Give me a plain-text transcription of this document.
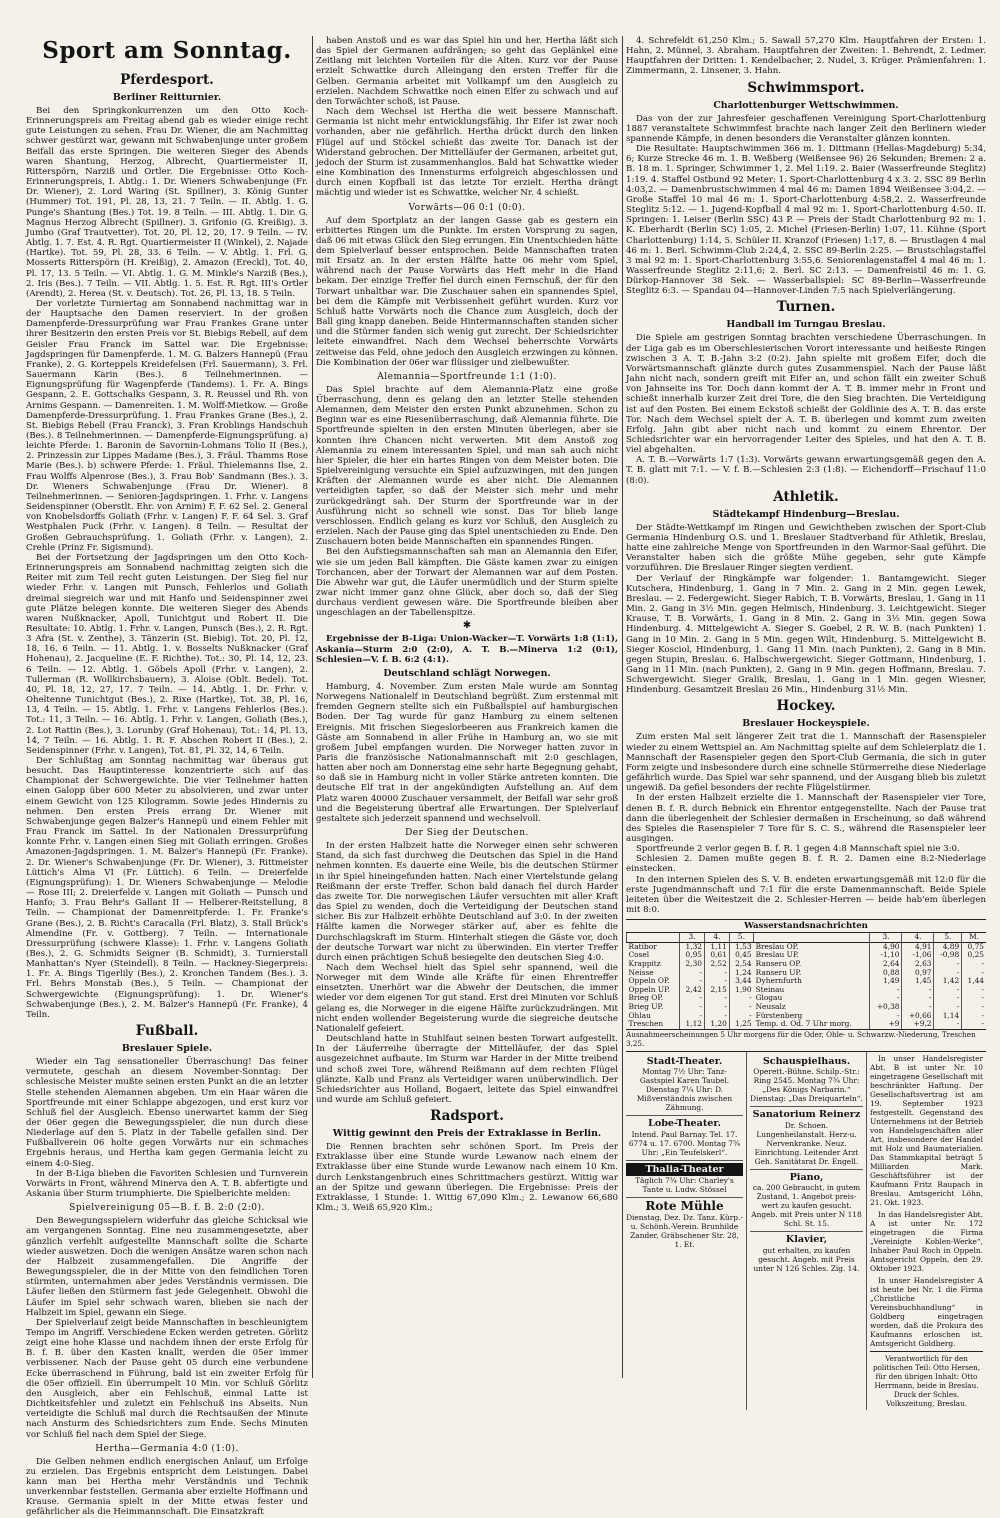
Sport am Sonntag.
Pferdesport.
Berliner Reitturnier.

Bei den Springkonkurrenzen um den Otto Koch-Erinnerungspreis am Freitag abend gab es wieder einige recht gute Leistungen zu sehen. Frau Dr. Wiener, die am Nachmittag schwer gestürzt war, gewann mit Schwabenjunge unter großem Beifall das erste Springen. Die weiteren Sieger des Abends waren Shantung, Herzog, Albrecht, Quartiermeister II, Ritterspörn, Narziß und Ortler. Die Ergebnisse: Otto Koch-Erinnerungspreis, I. Abtlg.: 1. Dr. Wieners Schwabenjunge (Fr. Dr. Wiener), 2. Lord Waring (St. Spillner), 3. König Gunter (Hummer) Tot. 191, Pl. 28, 13, 21. 7 Teiln. — II. Abtlg. 1. G. Punge's Shantung (Bes.) Tot. 19. 8 Teiln. — III. Abtlg. 1. Dir. G. Magnus Herzog Albrecht (Spillner). 3. Grifonio (G. Kreißig). 3. Jumbo (Graf Trautvetter). Tot. 20, Pl. 12, 20, 17. 9 Teiln. — IV. Abtlg. 1. 7. Est. 4. R. Rgt. Quartiermeister II (Winkel), 2. Najade (Hartke). Tot. 59, Pl. 28, 33. 6 Teiln. — V. Abtlg. 1. Frl. G. Mosserts Ritterspörn (H. Kreißig), 2. Amazon (Ereckl), Tot. 40, Pl. 17, 13. 5 Teiln. — VI. Abtlg. 1. G. M. Minkle's Narziß (Bes.), 2. Iris (Bes.). 7 Teiln. — VII. Abtlg. 1. 5. Est. R. Rgt. III's Ortler (Arendt), 2. Herea (St. v. Deutsch). Tot. 26, Pl. 13, 18. 5 Teiln.

Der vorletzte Turniertag am Sonnabend nachmittag war in der Hauptsache den Damen reserviert. In der großen Damenpferde-Dressurprüfung war Frau Frankes Grane unter ihrer Besitzerin den ersten Preis vor St. Biebigs Rebell, auf dem Geisler Frau Franck im Sattel war. Die Ergebnisse: Jagdspringen für Damenpferde. 1. M. G. Balzers Hannepü (Frau Franke), 2. G. Korteppels Kreidefelsen (Frl. Sauermann), 3. Frl. Sauermann Karin (Bes.). 8 Teilnehmerinnen. — Eignungsprüfung für Wagenpferde (Tandems). 1. Fr. A. Bings Gespann, 2. E. Gottschalks Gespann, 3. R. Reussel und Rh. von Arnims Gespann. — Damenreiten. 1. M. Wolff-Mietkow. — Große Damenpferde-Dressurprüfung. 1. Frau Frankes Grane (Bes.), 2. St. Biebigs Rebell (Frau Franck), 3. Fran Kroblings Handschuh (Bes.). 8 Teilnehmerinnen. — Damenpferde-Eignungsprüfung. a) leichte Pferde: 1. Baronin de Savornin-Lohmans Tolio II (Bes.), 2. Prinzessin zur Lippes Madame (Bes.), 3. Fräul. Thamms Rose Marie (Bes.). b) schwere Pferde: 1. Fräul. Thielemanns Ilse, 2. Frau Wolffs Alpenrose (Bes.), 3. Frau Bob' Sandmann (Bes.). 3. Dr. Wieners Schwabenjunge (Frau Dr. Wiener). 8 Teilnehmerinnen. — Senioren-Jagdspringen. 1. Frhr. v. Langens Seidenspinner (Oberstlt. Ehr. von Arnim) F. F. 62 Sel. 2. General von Knobelsdorffs Goliath (Frhr. v. Langen) F. F. 64 Sel. 3. Graf Westphalen Puck (Frhr. v. Langen). 8 Teiln. — Resultat der Großen Gebrauchsprüfung. 1. Goliath (Frhr. v. Langen), 2. Crehle (Prinz Fr. Sigismund).

Bei der Fortsetzung der Jagdspringen um den Otto Koch-Erinnerungspreis am Sonnabend nachmittag zeigten sich die Reiter mit zum Teil recht guten Leistungen. Der Sieg fiel nur wieder Frhr. v. Langen mit Punsch, Fehlerlos und Goliath dreimal siegreich war und mit Hanfo und Seidenspinner zwei gute Plätze belegen konnte. Die weiteren Sieger des Abends waren Nußknacker, Apoll, Tunichtgut und Robert II. Die Resultate: 10. Abtlg. 1. Frhr. v. Langen, Punsch (Bes.), 2. R. Rgt. 3 Afra (St. v. Zenthe), 3. Tänzerin (St. Biebig). Tot. 20, Pl. 12, 18, 16. 6 Teiln. — 11. Abtlg. 1. v. Bosselts Nußknacker (Graf Hohenau), 2. Jacqueline (E. F. Richthe). Tot.: 30, Pl. 14, 12, 23. 6 Teiln. — 12. Abtlg. 1. Göbels Apoll (Frhr. v. Langen), 2. Tullerman (R. Wollkirchsbauern), 3. Aloise (Oblt. Bedel). Tot. 40, Pl. 18, 12, 27, 17. 7 Teiln. — 14. Abtlg. 1. Dr. Frhr. v. Oheltenne Tunichtgut (Bes.), 2. Rixe (Hartke), Tot. 38, Pl. 16, 13, 4 Teiln. — 15. Abtlg. 1. Frhr. v. Langens Fehlerlos (Bes.). Tot.: 11, 3 Teiln. — 16. Abtlg. 1. Frhr. v. Langen, Goliath (Bes.), 2. Lot Rattin (Bes.), 3. Lorunby (Graf Hohenau), Tot.: 14, Pl. 13, 14, 7 Teiln. — 16. Abtlg. 1. R. F. Abschen Robert II (Bes.), 2. Seidenspinner (Frhr. v. Langen), Tot. 81, Pl. 32, 14, 6 Teiln.

Der Schlußtag am Sonntag nachmittag war überaus gut besucht. Das Hauptinteresse konzentrierte sich auf das Championat der Schwergewichte. Die vier Teilnehmer hatten einen Galopp über 600 Meter zu absolvieren, und zwar unter einem Gewicht von 125 Kilogramm. Sowie jedes Hindernis zu nehmen. Den ersten Preis errang Dr. Wiener mit Schwabenjunge gegen Balzer's Hannepü und einem Fehler mit Frau Franck im Sattel. In der Nationalen Dressurprüfung konnte Frhr. v. Langen einen Sieg mit Goliath erringen. Großes Amazonen-Jagdspringen. 1. M. Balzer's Hannepü (Fr. Franke). 2. Dr. Wiener's Schwabenjunge (Fr. Dr. Wiener), 3. Rittmeister Lüttich's Alma VI (Fr. Lüttich). 6 Teiln. — Dreierfelde (Eignungsprüfung): 1. Dr. Wieners Schwabenjunge — Melodie — Rose III; 2. Dreierfelde v. Langen mit Goliath — Punsch und Hanfo; 3. Frau Behr's Gallant II — Helberer-Reitstellung, 8 Teiln. — Championat der Damenreitpferde: 1. Fr. Franke's Grane (Bes.), 2. B. Richt's Caracalla (Frl. Blatz), 3. Stall Brück's Almendine (Fr. v. Gottberg). 7 Teiln. — Internationale Dressurprüfung (schwere Klasse): 1. Frhr. v. Langens Goliath (Bes.), 2. G. Schmidts Seigner (B. Schmidt), 3. Turnierstall Manhattan's Nyer (Steindell). 8 Teiln. — Hackney-Siegerpreis: 1. Fr. A. Bings Tigerlily (Bes.), 2. Kronchen Tandem (Bes.). 3. Frl. Behrs Monstab (Bes.), 5 Teiln. — Championat der Schwergewichte (Eignungsprüfung): 1. Dr. Wiener's Schwabenjunge (Bes.), 2. M. Balzer's Hannepü (Fr. Franke), 4 Teiln.

Fußball.
Breslauer Spiele.

Wieder ein Tag sensationeller Überraschung! Das feiner vermutete, geschah an diesem November-Sonntag: Der schlesische Meister mußte seinen ersten Punkt an die an letzter Stelle stehenden Alemannen abgeben. Um ein Haar wären die Sportfreunde mit einer Schlappe abgezogen, und erst kurz vor Schluß fiel der Ausgleich. Ebenso unerwartet kamm der Sieg der 06er gegen die Bewegungsspieler, die nun durch diese Niederlage auf den 5. Platz in der Tabelle gefallen sind. Der Fußballverein 06 holte gegen Vorwärts nur ein schmaches Ergebnis heraus, und Hertha kam gegen Germania leicht zu einem 4:0-Sieg.

In der B-Liga blieben die Favoriten Schlesien und Turnverein Vorwärts in Front, während Minerva den A. T. B. abfertigte und Askania über Sturm triumphierte. Die Spielberichte melden:

Spielvereinigung 05—B. f. B. 2:0 (2:0).

Den Bewegungsspielern widerfuhr das gleiche Schicksal wie am vergangenen Sonntag. Eine neu zusammengesetzte, aber gänzlich verfehlt aufgestellte Mannschaft sollte die Scharte wieder auswetzen. Doch die wenigen Ansätze waren schon nach der Halbzeit zusammengefallen. Die Angriffe der Bewegungsspieler, die in der Mitte von den feindlichen Toren stürmten, unternahmen aber jedes Verständnis vermissen. Die Läufer ließen den Stürmern fast jede Gelegenheit. Obwohl die Läufer im Spiel sehr schwach waren, blieben sie nach der Halbzeit im Spiel, gewann ein Siege.

Der Spielverlauf zeigt beide Mannschaften in beschleunigtem Tempo im Angriff. Verschiedene Ecken werden getreten. Görlitz zeigt eine hohe Klasse und nachdem ihnen der erste Erfolg für B. f. B. über den Kasten knallt, werden die 05er immer verbissener. Nach der Pause geht 05 durch eine verbundene Ecke überraschend in Führung, bald ist ein zweiter Erfolg für die 05er offiziell. Ein überrumpelt 10 Min. vor Schluß Görlitz den Ausgleich, aber ein Fehlschuß, einmal Latte ist Dichtkeitsfehler und zuletzt ein Fehlschuß ins Abseits. Nun verteidigte die Schluß mal durch die Rechtsaußen der Minute nach Ansturm des Schiedsrichters zum Ende. Sechs Minuten vor Schluß fiel nach dem Spiel der Siege.

Hertha—Germania 4:0 (1:0).

Die Gelben nehmen endlich energischen Anlauf, um Erfolge zu erzielen. Das Ergebnis entspricht dem Leistungen. Dabei kann man bei Hertha mehr Verständnis und Technik unverkennbar feststellen. Germania aber erzielte Hoffmann und Krause. Germania spielt in der Mitte etwas fester und gefährlicher als die Heimmannschaft. Die Einsatzkraft

haben Anstoß und es war das Spiel hin und her. Hertha läßt sich das Spiel der Germanen aufdrängen; so geht das Geplänkel eine Zeitlang mit leichten Vorteilen für die Alten. Kurz vor der Pause erzielt Schwattke durch Alleingang den ersten Treffer für die Gelben. Germania arbeitet mit Vollkampf um den Ausgleich zu erzielen. Nachdem Schwattke noch einen Elfer zu schwach und auf den Torwächter schoß, ist Pause.

Nach dem Wechsel ist Hertha die weit bessere Mannschaft. Germania ist nicht mehr entwicklungsfähig. Ihr Eifer ist zwar noch vorhanden, aber nie gefährlich. Hertha drückt durch den linken Flügel auf und Stöckel schießt das zweite Tor. Danach ist der Widerstand gebrochen. Der Mittelläufer der Germanen, arbeitet gut, jedoch der Sturm ist zusammenhanglos. Bald hat Schwattke wieder eine Kombination des Innensturms erfolgreich abgeschlossen und durch einen Kopfball ist das letzte Tor erzielt. Hertha drängt mächtig und wieder ist es Schwattke, welcher Nr. 4 schießt.

Vorwärts—06 0:1 (0:0).

Auf dem Sportplatz an der langen Gasse gab es gestern ein erbittertes Ringen um die Punkte. Im ersten Vorsprung zu sagen, daß 06 mit etwas Glück den Sieg errungen. Ein Unentschieden hätte dem Spielverlauf besser entsprochen. Beide Mannschaften traten mit Ersatz an. In der ersten Hälfte hatte 06 mehr vom Spiel, während nach der Pause Vorwärts das Heft mehr in die Hand bekam. Der einzige Treffer fiel durch einen Fernschuß, der für den Torwart unhaltbar war. Die Zuschauer sahen ein spannendes Spiel, bei dem die Kämpfe mit Verbissenheit geführt wurden. Kurz vor Schluß hatte Vorwärts noch die Chance zum Ausgleich, doch der Ball ging knapp daneben. Beide Hintermannschaften standen sicher und die Stürmer fanden sich wenig gut zurecht. Der Schiedsrichter leitete einwandfrei. Nach dem Wechsel beherrschte Vorwärts zeitweise das Feld, ohne jedoch den Ausgleich erzwingen zu können. Die Kombination der 06er war flüssiger und zielbewußter.

Alemannia—Sportfreunde 1:1 (1:0).

Das Spiel brachte auf dem Alemannia-Platz eine große Überraschung, denn es gelang den an letzter Stelle stehenden Alemannen, dem Meister den ersten Punkt abzunehmen. Schon zu Beginn war es eine Riesenüberraschung, daß Alemannia führte. Die Sportfreunde spielten in den ersten Minuten überlegen, aber sie konnten ihre Chancen nicht verwerten. Mit dem Anstoß zog Alemannia zu einem interessanten Spiel, und man sah auch nicht hier Spieler, die hier ein hartes Ringen von dem Meister boten. Die Spielvereinigung versuchte ein Spiel aufzuzwingen, mit den jungen Kräften der Alemannen wurde es aber nicht. Die Alemannen verteidigten tapfer, so daß der Meister sich mehr und mehr zurückgedrängt sah. Der Sturm der Sportfreunde war in der Ausführung nicht so schnell wie sonst. Das Tor blieb lange verschlossen. Endlich gelang es kurz vor Schluß, den Ausgleich zu erzielen. Nach der Pause ging das Spiel unentschieden zu Ende. Den Zuschauern boten beide Mannschaften ein spannendes Ringen.

Bei den Aufstiegsmannschaften sah man an Alemannia den Eifer, wie sie um jeden Ball kämpften. Die Gäste kamen zwar zu einigen Torchancen, aber der Torwart der Alemannen war auf dem Posten. Die Abwehr war gut, die Läufer unermüdlich und der Sturm spielte zwar nicht immer ganz ohne Glück, aber doch so, daß der Sieg durchaus verdient gewesen wäre. Die Sportfreunde bleiben aber ungeschlagen an der Tabellenspitze.

✱

Ergebnisse der B-Liga: Union-Wacker—T. Vorwärts 1:8 (1:1), Askania—Sturm 2:0 (2:0), A. T. B.—Minerva 1:2 (0:1), Schlesien—V. f. B. 6:2 (4:1).

Deutschland schlägt Norwegen.

Hamburg, 4. November. Zum ersten Male wurde am Sonntag Norwegens Nationalelf in Deutschland begrüßt. Zum erstenmal mit fremden Gegnern stellte sich ein Fußballspiel auf hamburgischen Boden. Der Tag wurde für ganz Hamburg zu einem seltenen Ereignis. Mit frischen Siegeslorbeeren aus Frankreich kamen die Gäste am Sonnabend in aller Frühe in Hamburg an, wo sie mit großem Jubel empfangen wurden. Die Norweger hatten zuvor in Paris die französische Nationalmannschaft mit 2:0 geschlagen, hatten aber noch am Donnerstag eine sehr harte Begegnung gehabt, so daß sie in Hamburg nicht in voller Stärke antreten konnten. Die deutsche Elf trat in der angekündigten Aufstellung an. Auf dem Platz waren 40000 Zuschauer versammelt, der Beifall war sehr groß und die Begeisterung übertraf alle Erwartungen. Der Spielverlauf gestaltete sich jederzeit spannend und wechselvoll.

Der Sieg der Deutschen.

In der ersten Halbzeit hatte die Norweger einen sehr schweren Stand, da sich fast durchweg die Deutschen das Spiel in die Hand nehmen konnten. Es dauerte eine Weile, bis die deutschen Stürmer in ihr Spiel hineingefunden hatten. Nach einer Viertelstunde gelang Reißmann der erste Treffer. Schon bald danach fiel durch Harder das zweite Tor. Die norwegischen Läufer versuchten mit aller Kraft das Spiel zu wenden, doch die Verteidigung der Deutschen stand sicher. Bis zur Halbzeit erhöhte Deutschland auf 3:0. In der zweiten Hälfte kamen die Norweger stärker auf, aber es fehlte die Durchschlagskraft im Sturm. Hinterhalt stiegen die Gäste vor, doch der deutsche Torwart war nicht zu überwinden. Ein vierter Treffer durch einen prächtigen Schuß besiegelte den deutschen Sieg 4:0.

Nach dem Wechsel hielt das Spiel sehr spannend, weil die Norweger mit dem Winde alle Kräfte für einen Ehrentreffer einsetzten. Unerhört war die Abwehr der Deutschen, die immer wieder vor dem eigenen Tor gut stand. Erst drei Minuten vor Schluß gelang es, die Norweger in die eigene Hälfte zurückzudrängen. Mit nicht enden wollender Begeisterung wurde die siegreiche deutsche Nationalelf gefeiert.

Deutschland hatte in Stuhlfaut seinen besten Torwart aufgestellt. In der Läuferreihe überragte der Mittelläufer, der das Spiel ausgezeichnet aufbaute. Im Sturm war Harder in der Mitte treibend und schoß zwei Tore, während Reißmann auf dem rechten Flügel glänzte. Kalb und Franz als Verteidiger waren unüberwindlich. Der Schiedsrichter aus Holland, Bogaert, leitete das Spiel einwandfrei und wurde am Schluß gefeiert.

Radsport.
Wittig gewinnt den Preis der Extraklasse in Berlin.

Die Rennen brachten sehr schönen Sport. Im Preis der Extraklasse über eine Stunde wurde Lewanow nach einem der Extraklasse über eine Stunde wurde Lewanow nach einem 10 Km. durch Lenkstangenbruch eines Schrittmachers gestürzt. Wittig war an der Spitze und gewann überlegen. Die Ergebnisse: Preis der Extraklasse, 1 Stunde: 1. Wittig 67,090 Klm.; 2. Lewanow 66,680 Klm.; 3. Weiß 65,920 Klm.;

4. Schrefeldt 61,250 Klm.; 5. Sawall 57,270 Klm. Hauptfahren der Ersten: 1. Hahn, 2. Münnel, 3. Abraham. Hauptfahren der Zweiten: 1. Behrendt, 2. Ledmer. Hauptfahren der Dritten: 1. Kendelbacher, 2. Nudel, 3. Krüger. Prämienfahren: 1. Zimmermann, 2. Linsener, 3. Hahn.

Schwimmsport.
Charlottenburger Wettschwimmen.

Das von der zur Jahresfeier geschaffenen Vereinigung Sport-Charlottenburg 1887 veranstaltete Schwimmfest brachte nach langer Zeit den Berlinern wieder spannende Kämpfe, in denen besonders die Veranstalter glänzen konnten.

Die Resultate: Hauptschwimmen 366 m. 1. Dittmann (Hellas-Magdeburg) 5:34, 6; Kurze Strecke 46 m. 1. B. Weßberg (Weißensee 96) 26 Sekunden; Bremen: 2 a. B. 18 m. 1. Springer, Schwimmer 1, 2. Mel 1:19. 2. Baier (Wasserfreunde Steglitz) 1:19. 4. Staffel Ostbund 92 Meter: 1. Sport-Charlottenburg 4 x 3. 2. SSC 89 Berlin 4:03,2. — Damenbrustschwimmen 4 mal 46 m: Damen 1894 Weißensee 3:04,2. — Große Staffel 10 mal 46 m: 1. Sport-Charlottenburg 4:58,2. 2. Wasserfreunde Steglitz 5:12. — 1. Jugend-Kopfball 4 mal 92 m: 1. Sport-Charlottenburg 4:50. II. Springen: 1. Leiser (Berlin SSC) 43 P. — Preis der Stadt Charlottenburg 92 m: 1. K. Eberhardt (Berlin SC) 1:05, 2. Michel (Friesen-Berlin) 1:07, 11. Kühne (Sport Charlottenburg) 1:14, 5. Schüler II. Kranzof (Friesen) 1:17, 8. — Brustlagen 4 mal 46 m: 1. Berl. Schwimm-Club 2:24,4, 2. SSC 89-Berlin 2:25. — Brustschlagstaffel 3 mal 92 m: 1. Sport-Charlottenburg 3:55,6. Seniorenlagenstaffel 4 mal 46 m: 1. Wasserfreunde Steglitz 2:11,6; 2. Berl. SC 2:13. — Damenfreistil 46 m: 1. G. Dürkop-Hannover 38 Sek. — Wasserballspiel: SC 89-Berlin—Wasserfreunde Steglitz 6:3. — Spandau 04—Hannover-Linden 7:5 nach Spielverlängerung.

Turnen.
Handball im Turngau Breslau.

Die Spiele am gestrigen Sonntag brachten verschiedene Überraschungen. In der Liga gab es im Oberschlesierischen Vorort interessante und heißeste Ringen zwischen 3 A. T. B.-Jahn 3:2 (0:2). Jahn spielte mit großem Eifer, doch die Vorwärtsmannschaft glänzte durch gutes Zusammenspiel. Nach der Pause läßt Jahn nicht nach, sondern greift mit Eifer an, und schon fällt ein zweiter Schuß von Jahnseite ins Tor. Doch dann kommt der A. T. B. immer mehr in Front und schießt innerhalb kurzer Zeit drei Tore, die den Sieg brachten. Die Verteidigung ist auf den Posten. Bei einem Eckstoß schießt der Goldlinie des A. T. B. das erste Tor. Nach dem Wechsel spielt der A. T. B. überlegen und kommt zum zweiten Erfolg. Jahn gibt aber nicht nach und kommt zu einem Ehrentor. Der Schiedsrichter war ein hervorragender Leiter des Spieles, und hat den A. T. B. viel abgehalten.

A. T. B.—Vorwärts 1:7 (1:3). Vorwärts gewann erwartungsgemäß gegen den A. T. B. glatt mit 7:1. — V. f. B.—Schlesien 2:3 (1:8). — Eichendorff—Frischauf 11:0 (8:0).

Athletik.
Städtekampf Hindenburg—Breslau.

Der Städte-Wettkampf im Ringen und Gewichtheben zwischen der Sport-Club Germania Hindenburg O.S. und 1. Breslauer Stadtverband für Athletik, Breslau, hatte eine zahlreiche Menge von Sportfreunden in den Warmor-Saal geführt. Die Veranstalter haben sich die größte Mühe gegeben, sehr gute Kämpfe vorzuführen. Die Breslauer Ringer siegten verdient.

Der Verlauf der Ringkämpfe war folgender: 1. Bantamgewicht. Sieger Kutschera, Hindenburg, 1. Gang in 7 Min. 2. Gang in 2 Min. gegen Lewek, Breslau. — 2. Federgewicht. Sieger Rabich, T. B. Vorwärts, Breslau, 1. Gang in 11 Min. 2. Gang in 3½ Min. gegen Helmisch, Hindenburg. 3. Leichtgewicht. Sieger Krause, T. B. Vorwärts, 1. Gang in 8 Min. 2. Gang in 3½ Min. gegen Sowa Hindenburg. 4. Mittelgewicht A. Sieger S. Goebel, 2 R. W. B. (nach Punkten) 1. Gang in 10 Min. 2. Gang in 5 Min. gegen Wilt, Hindenburg. 5. Mittelgewicht B. Sieger Kosciol, Hindenburg, 1. Gang 11 Min. (nach Punkten), 2. Gang in 8 Min. gegen Stupin, Breslau. 6. Halbschwergewicht. Sieger Gottmann, Hindenburg, 1. Gang in 11 Min. (nach Punkten), 2. Gang in 9 Min. gegen Hoffmann, Breslau. 7. Schwergewicht. Sieger Gralik, Breslau, 1. Gang in 1 Min. gegen Wiesner, Hindenburg. Gesamtzeit Breslau 26 Min., Hindenburg 31½ Min.

Hockey.
Breslauer Hockeyspiele.

Zum ersten Mal seit längerer Zeit trat die 1. Mannschaft der Rasenspieler wieder zu einem Wettspiel an. Am Nachmittag spielte auf dem Schleierplatz die 1. Mannschaft der Rasenspieler gegen den Sport-Club Germania, die sich in guter Form zeigte und insbesondere durch eine schnelle Stürmerreihe diese Niederlage gefährlich wurde. Das Spiel war sehr spannend, und der Ausgang blieb bis zuletzt ungewiß. Da gefiel besonders der rechte Flügelstürmer.

In der ersten Halbzeit erzielte die 1. Mannschaft der Rasenspieler vier Tore, denen B. f. R. durch Bebnick ein Ehrentor entgegenstellte. Nach der Pause trat dann die überlegenheit der Schlesier dermaßen in Erscheinung, so daß während des Spieles die Rasenspieler 7 Tore für S. C. S., während die Rasenspieler leer ausgingen.

Sportfreunde 2 verlor gegen B. f. R. 1 gegen 4:8 Mannschaft spiel nie 3:0.

Schlesien 2. Damen mußte gegen B. f. R. 2. Damen eine 8:2-Niederlage einstecken.

In den internen Spielen des S. V. B. endeten erwartungsgemäß mit 12:0 für die erste Jugendmannschaft und 7:1 für die erste Damenmannschaft. Beide Spiele leiteten über die Weitestzeit die 2. Schlesier-Herren — beide hab'em überlegen mit 8:0.

Wasserstandsnachrichten
	3.	4.	5.		3.	4.	5.	M.
Ratibor	1,32	1,11	1,53	Breslau OP.	4,90	4,91	4,89	0,75
Cosel	0,95	0,61	0,45	Breslau UP.	-1,10	-1,06	-0,98	0,25
Krappitz	2,30	2,52	2,54	Ranseru OP.	2,64	2,63	-	-
Neisse	-	-	1,24	Ranseru UP.	0,88	0,97	-	-
Oppeln OP.	-	-	3,44	Dyhernfurth	1,49	1,45	1,42	1,44
Oppeln UP.	2,42	2,15	1,90	Steinau	-	-	-	-
Brieg OP.	-	-	-	Glogau	-	-	-	-
Brieg UP.	-	-	-	Neusalz	+0,38	-	-	-
Ohlau	-	-	-	Fürstenberg	-	+0,66	1,14	-
Treschen	1,12	1,20	1,25	Temp. d. Od. 7 Uhr morg.	+9	+9,2	-	-
Ausnahmeerscheinungen 5 Uhr morgens für die Oder, Ohle- u. Schwarzw.-Niederung, Treschen 3,25.
Stadt-Theater.
Montag 7½ Uhr: Tanz-Gastspiel Karen Taubel. Dienstag 7¼ Uhr: D. Mißverständnis zwischen Zähmung.
Lobe-Theater.
Intend. Paul Barnay. Tel. 17. 6774 u. 17. 6700. Montag 7¾ Uhr: „Ein Teufelskerl“.
Thalia-Theater
Täglich 7¾ Uhr: Charley's Tante u. Ludw. Stössel
Rote Mühle
Dienstag, Dez. Dz. Tanz. Kürp.-u. Schönh.-Verein. Brunhilde Zander, Gräbschener Str. 28, 1. Et.
Schauspielhaus.
Operett.-Bühne. Schilp.-Str.: Ring 2545. Montag 7¾ Uhr: „Des Königs Narbarin.“ Dienstag: „Das Dreiquarteln“.
Sanatorium Reinerz
Dr. Schoen. Lungenheilanstalt. Herz-u. Nervenkranke. Neuz. Einrichtung. Leitender Arzt Geh. Sanitätsrat Dr. Engell.
Piano,
ca. 200 Gebraucht, in gutem Zustand, 1. Angebot preis-wert zu kaufen gesucht. Angeb. mit Preis unter N 118 Schl. St. 15.
Klavier,
gut erhalten, zu kaufen gesucht. Angeb. mit Preis unter N 126 Schles. Zig. 14.

In unser Handelsregister Abt. B ist unter Nr. 10 eingetragene Gesellschaft mit beschränkter Haftung. Der Gesellschaftsvertrag ist am 19. September 1923 festgestellt. Gegenstand des Unternehmens ist der Betrieb von Handelsgeschäften aller Art, insbesondere der Handel mit Holz und Baumaterialien. Das Stammkapital beträgt 5 Milliarden Mark. Geschäftsführer ist der Kaufmann Fritz Raupach in Breslau. Amtsgericht Löhn, 21. Okt. 1923.

In das Handelsregister Abt. A ist unter Nr. 172 eingetragen die Firma „Vereinigte Kohlen-Werke“, Inhaber Paul Roch in Oppeln. Amtsgericht Oppeln, den 29. Oktober 1923.

In unser Handelsregister A ist heute bei Nr. 1 die Firma „Christliche Vereinsbuchhandlung“ in Goldberg eingetragen worden, daß die Prokura des Kaufmanns erloschen ist. Amtsgericht Goldberg.

Verantwortlich für den politischen Teil: Otto Hersen, für den übrigen Inhalt: Otto Herrmann, beide in Breslau. Druck der Schles. Volkszeitung, Breslau.
